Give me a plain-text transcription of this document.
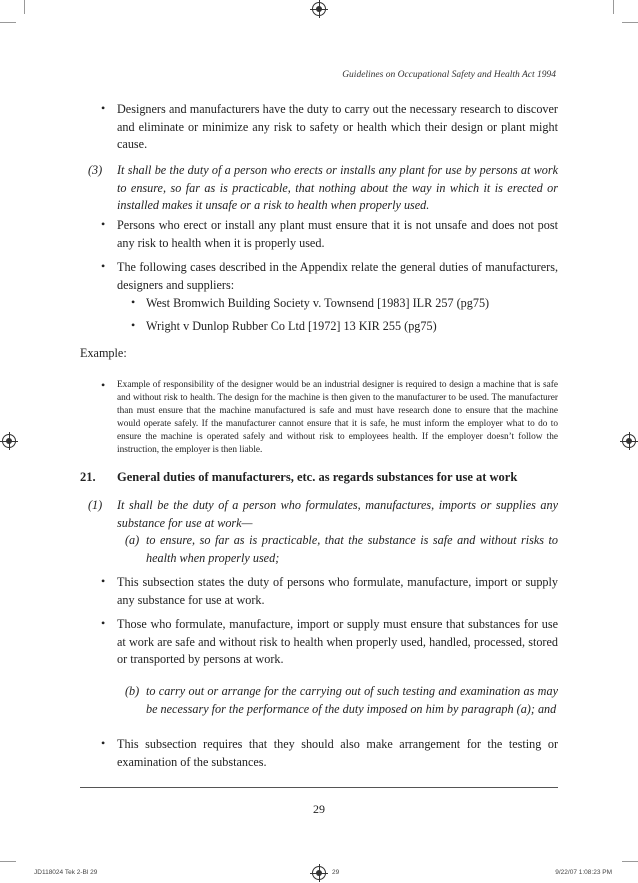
Guidelines on Occupational Safety and Health Act 1994
• Designers and manufacturers have the duty to carry out the necessary research to discover and eliminate or minimize any risk to safety or health which their design or plant might cause.
(3) It shall be the duty of a person who erects or installs any plant for use by persons at work to ensure, so far as is practicable, that nothing about the way in which it is erected or installed makes it unsafe or a risk to health when properly used.
• Persons who erect or install any plant must ensure that it is not unsafe and does not post any risk to health when it is properly used.
• The following cases described in the Appendix relate the general duties of manufacturers, designers and suppliers:
• West Bromwich Building Society v. Townsend [1983] ILR 257 (pg75)
• Wright v Dunlop Rubber Co Ltd [1972] 13 KIR 255 (pg75)
Example:
• Example of responsibility of the designer would be an industrial designer is required to design a machine that is safe and without risk to health. The design for the machine is then given to the manufacturer to be used. The manufacturer than must ensure that the machine manufactured is safe and must have research done to ensure that the machine would operate safely. If the manufacturer cannot ensure that it is safe, he must inform the employer what to do to ensure the machine is operated safely and without risk to employees health. If the employer doesn’t follow the instruction, the employer is then liable.
21. General duties of manufacturers, etc. as regards substances for use at work
(1) It shall be the duty of a person who formulates, manufactures, imports or supplies any substance for use at work—
(a) to ensure, so far as is practicable, that the substance is safe and without risks to health when properly used;
• This subsection states the duty of persons who formulate, manufacture, import or supply any substance for use at work.
• Those who formulate, manufacture, import or supply must ensure that substances for use at work are safe and without risk to health when properly used, handled, processed, stored or transported by persons at work.
(b) to carry out or arrange for the carrying out of such testing and examination as may be necessary for the performance of the duty imposed on him by paragraph (a); and
• This subsection requires that they should also make arrangement for the testing or examination of the substances.
29
JD118024 Tek 2-Bl 29	29	9/22/07 1:08:23 PM
